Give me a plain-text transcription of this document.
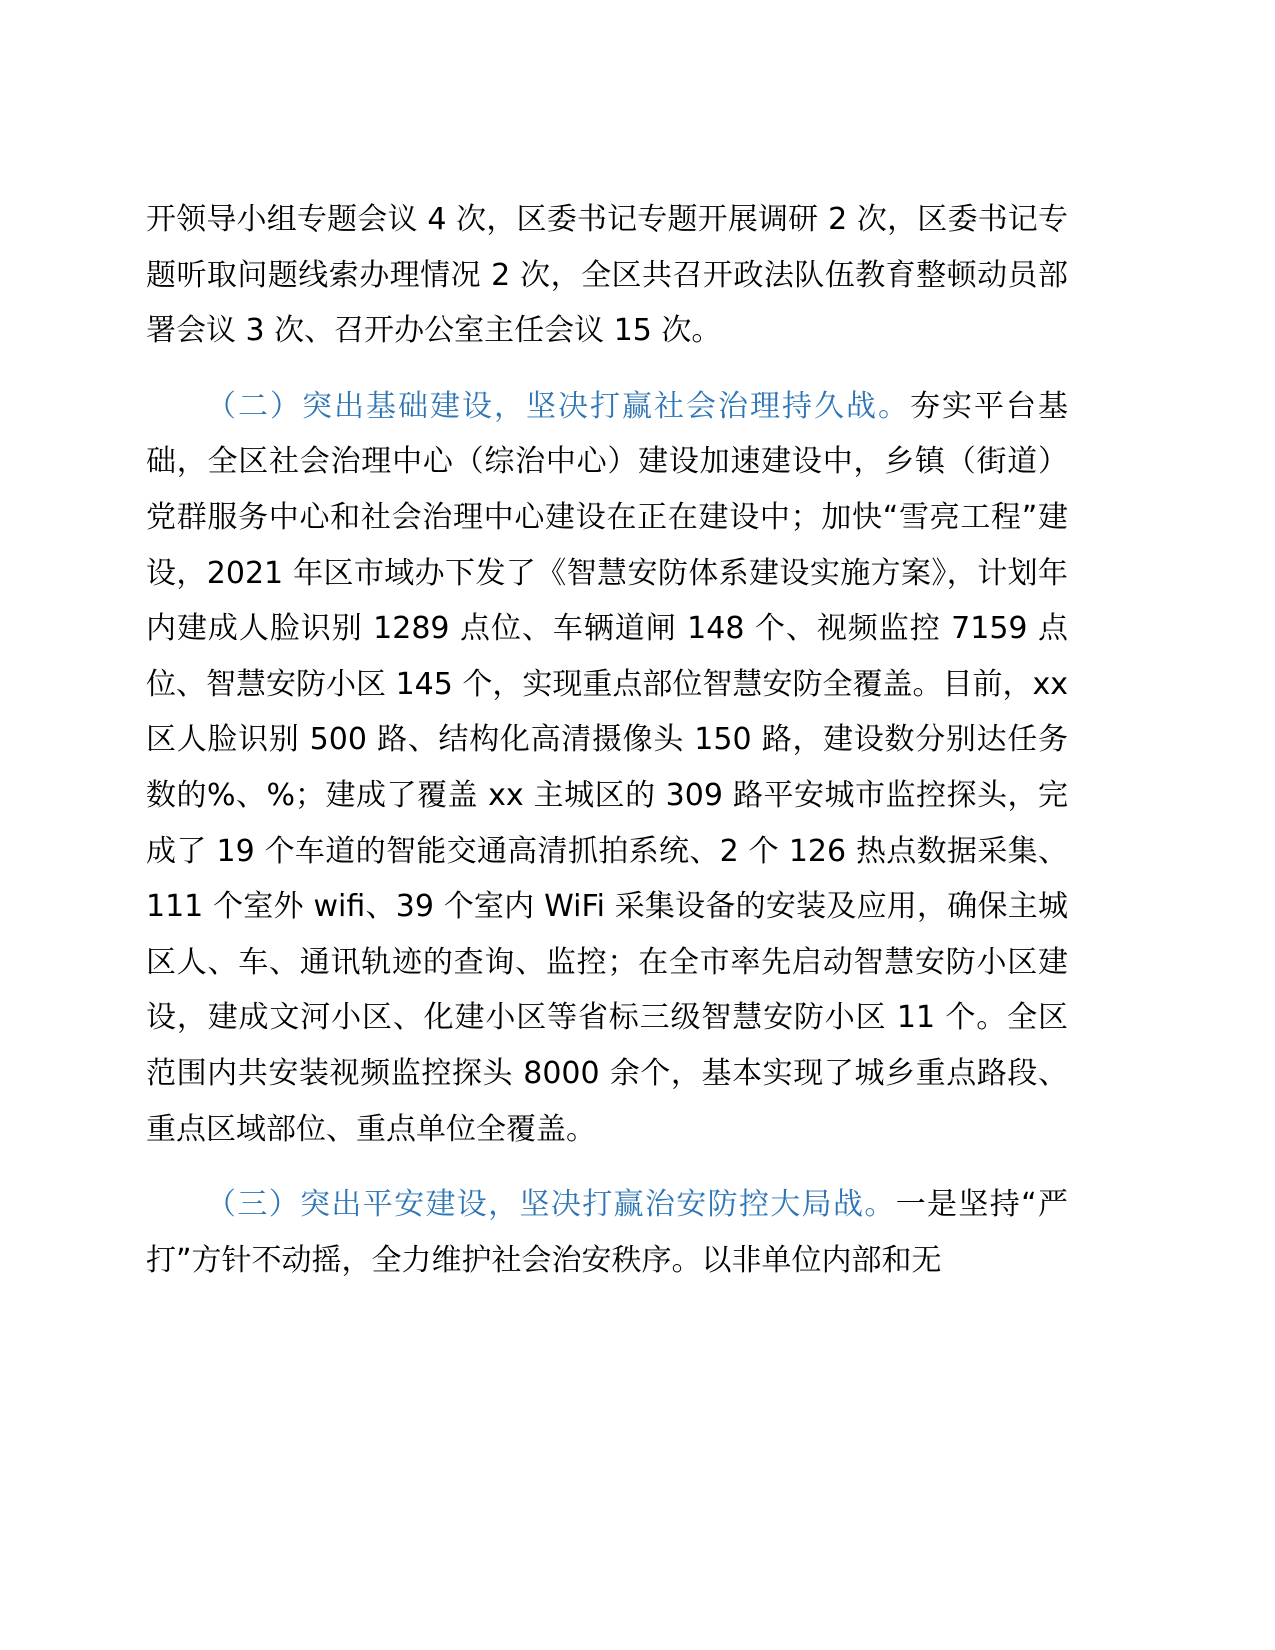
开领导小组专题会议 4 次，区委书记专题开展调研 2 次，区委书记专题听取问题线索办理情况 2 次，全区共召开政法队伍教育整顿动员部署会议 3 次、召开办公室主任会议 15 次。

（二）突出基础建设，坚决打赢社会治理持久战。夯实平台基础，全区社会治理中心（综治中心）建设加速建设中，乡镇（街道）党群服务中心和社会治理中心建设在正在建设中；加快“雪亮工程”建设，2021 年区市域办下发了《智慧安防体系建设实施方案》，计划年内建成人脸识别 1289 点位、车辆道闸 148 个、视频监控 7159 点位、智慧安防小区 145 个，实现重点部位智慧安防全覆盖。目前，xx 区人脸识别 500 路、结构化高清摄像头 150 路，建设数分别达任务数的%、%；建成了覆盖 xx 主城区的 309 路平安城市监控探头，完成了 19 个车道的智能交通高清抓拍系统、2 个 126 热点数据采集、111 个室外 wifi、39 个室内 WiFi 采集设备的安装及应用，确保主城区人、车、通讯轨迹的查询、监控；在全市率先启动智慧安防小区建设，建成文河小区、化建小区等省标三级智慧安防小区 11 个。全区范围内共安装视频监控探头 8000 余个，基本实现了城乡重点路段、重点区域部位、重点单位全覆盖。

（三）突出平安建设，坚决打赢治安防控大局战。一是坚持“严打”方针不动摇，全力维护社会治安秩序。以非单位内部和无
